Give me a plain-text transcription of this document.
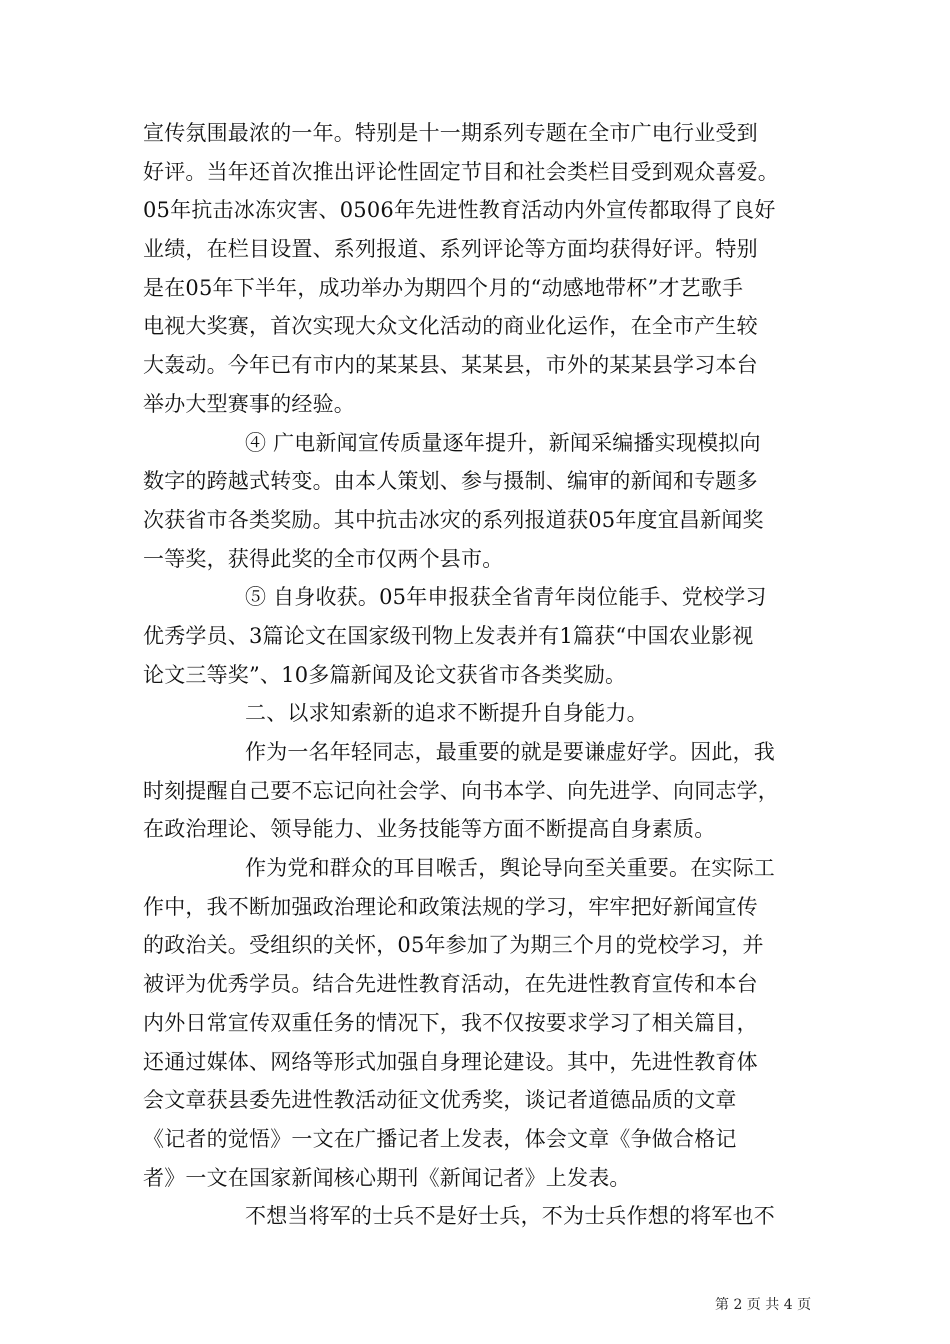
宣传氛围最浓的一年。特别是十一期系列专题在全市广电行业受到
好评。当年还首次推出评论性固定节目和社会类栏目受到观众喜爱。
05年抗击冰冻灾害、0506年先进性教育活动内外宣传都取得了良好
业绩，在栏目设置、系列报道、系列评论等方面均获得好评。特别
是在05年下半年，成功举办为期四个月的“动感地带杯”才艺歌手
电视大奖赛，首次实现大众文化活动的商业化运作，在全市产生较
大轰动。今年已有市内的某某县、某某县，市外的某某县学习本台
举办大型赛事的经验。
④ 广电新闻宣传质量逐年提升，新闻采编播实现模拟向
数字的跨越式转变。由本人策划、参与摄制、编审的新闻和专题多
次获省市各类奖励。其中抗击冰灾的系列报道获05年度宜昌新闻奖
一等奖，获得此奖的全市仅两个县市。
⑤ 自身收获。05年申报获全省青年岗位能手、党校学习
优秀学员、3篇论文在国家级刊物上发表并有1篇获“中国农业影视
论文三等奖”、10多篇新闻及论文获省市各类奖励。
二、以求知索新的追求不断提升自身能力。
作为一名年轻同志，最重要的就是要谦虚好学。因此，我
时刻提醒自己要不忘记向社会学、向书本学、向先进学、向同志学，
在政治理论、领导能力、业务技能等方面不断提高自身素质。
作为党和群众的耳目喉舌，舆论导向至关重要。在实际工
作中，我不断加强政治理论和政策法规的学习，牢牢把好新闻宣传
的政治关。受组织的关怀，05年参加了为期三个月的党校学习，并
被评为优秀学员。结合先进性教育活动，在先进性教育宣传和本台
内外日常宣传双重任务的情况下，我不仅按要求学习了相关篇目，
还通过媒体、网络等形式加强自身理论建设。其中，先进性教育体
会文章获县委先进性教活动征文优秀奖，谈记者道德品质的文章
《记者的觉悟》一文在广播记者上发表，体会文章《争做合格记
者》一文在国家新闻核心期刊《新闻记者》上发表。
不想当将军的士兵不是好士兵，不为士兵作想的将军也不
第 2 页 共 4 页
